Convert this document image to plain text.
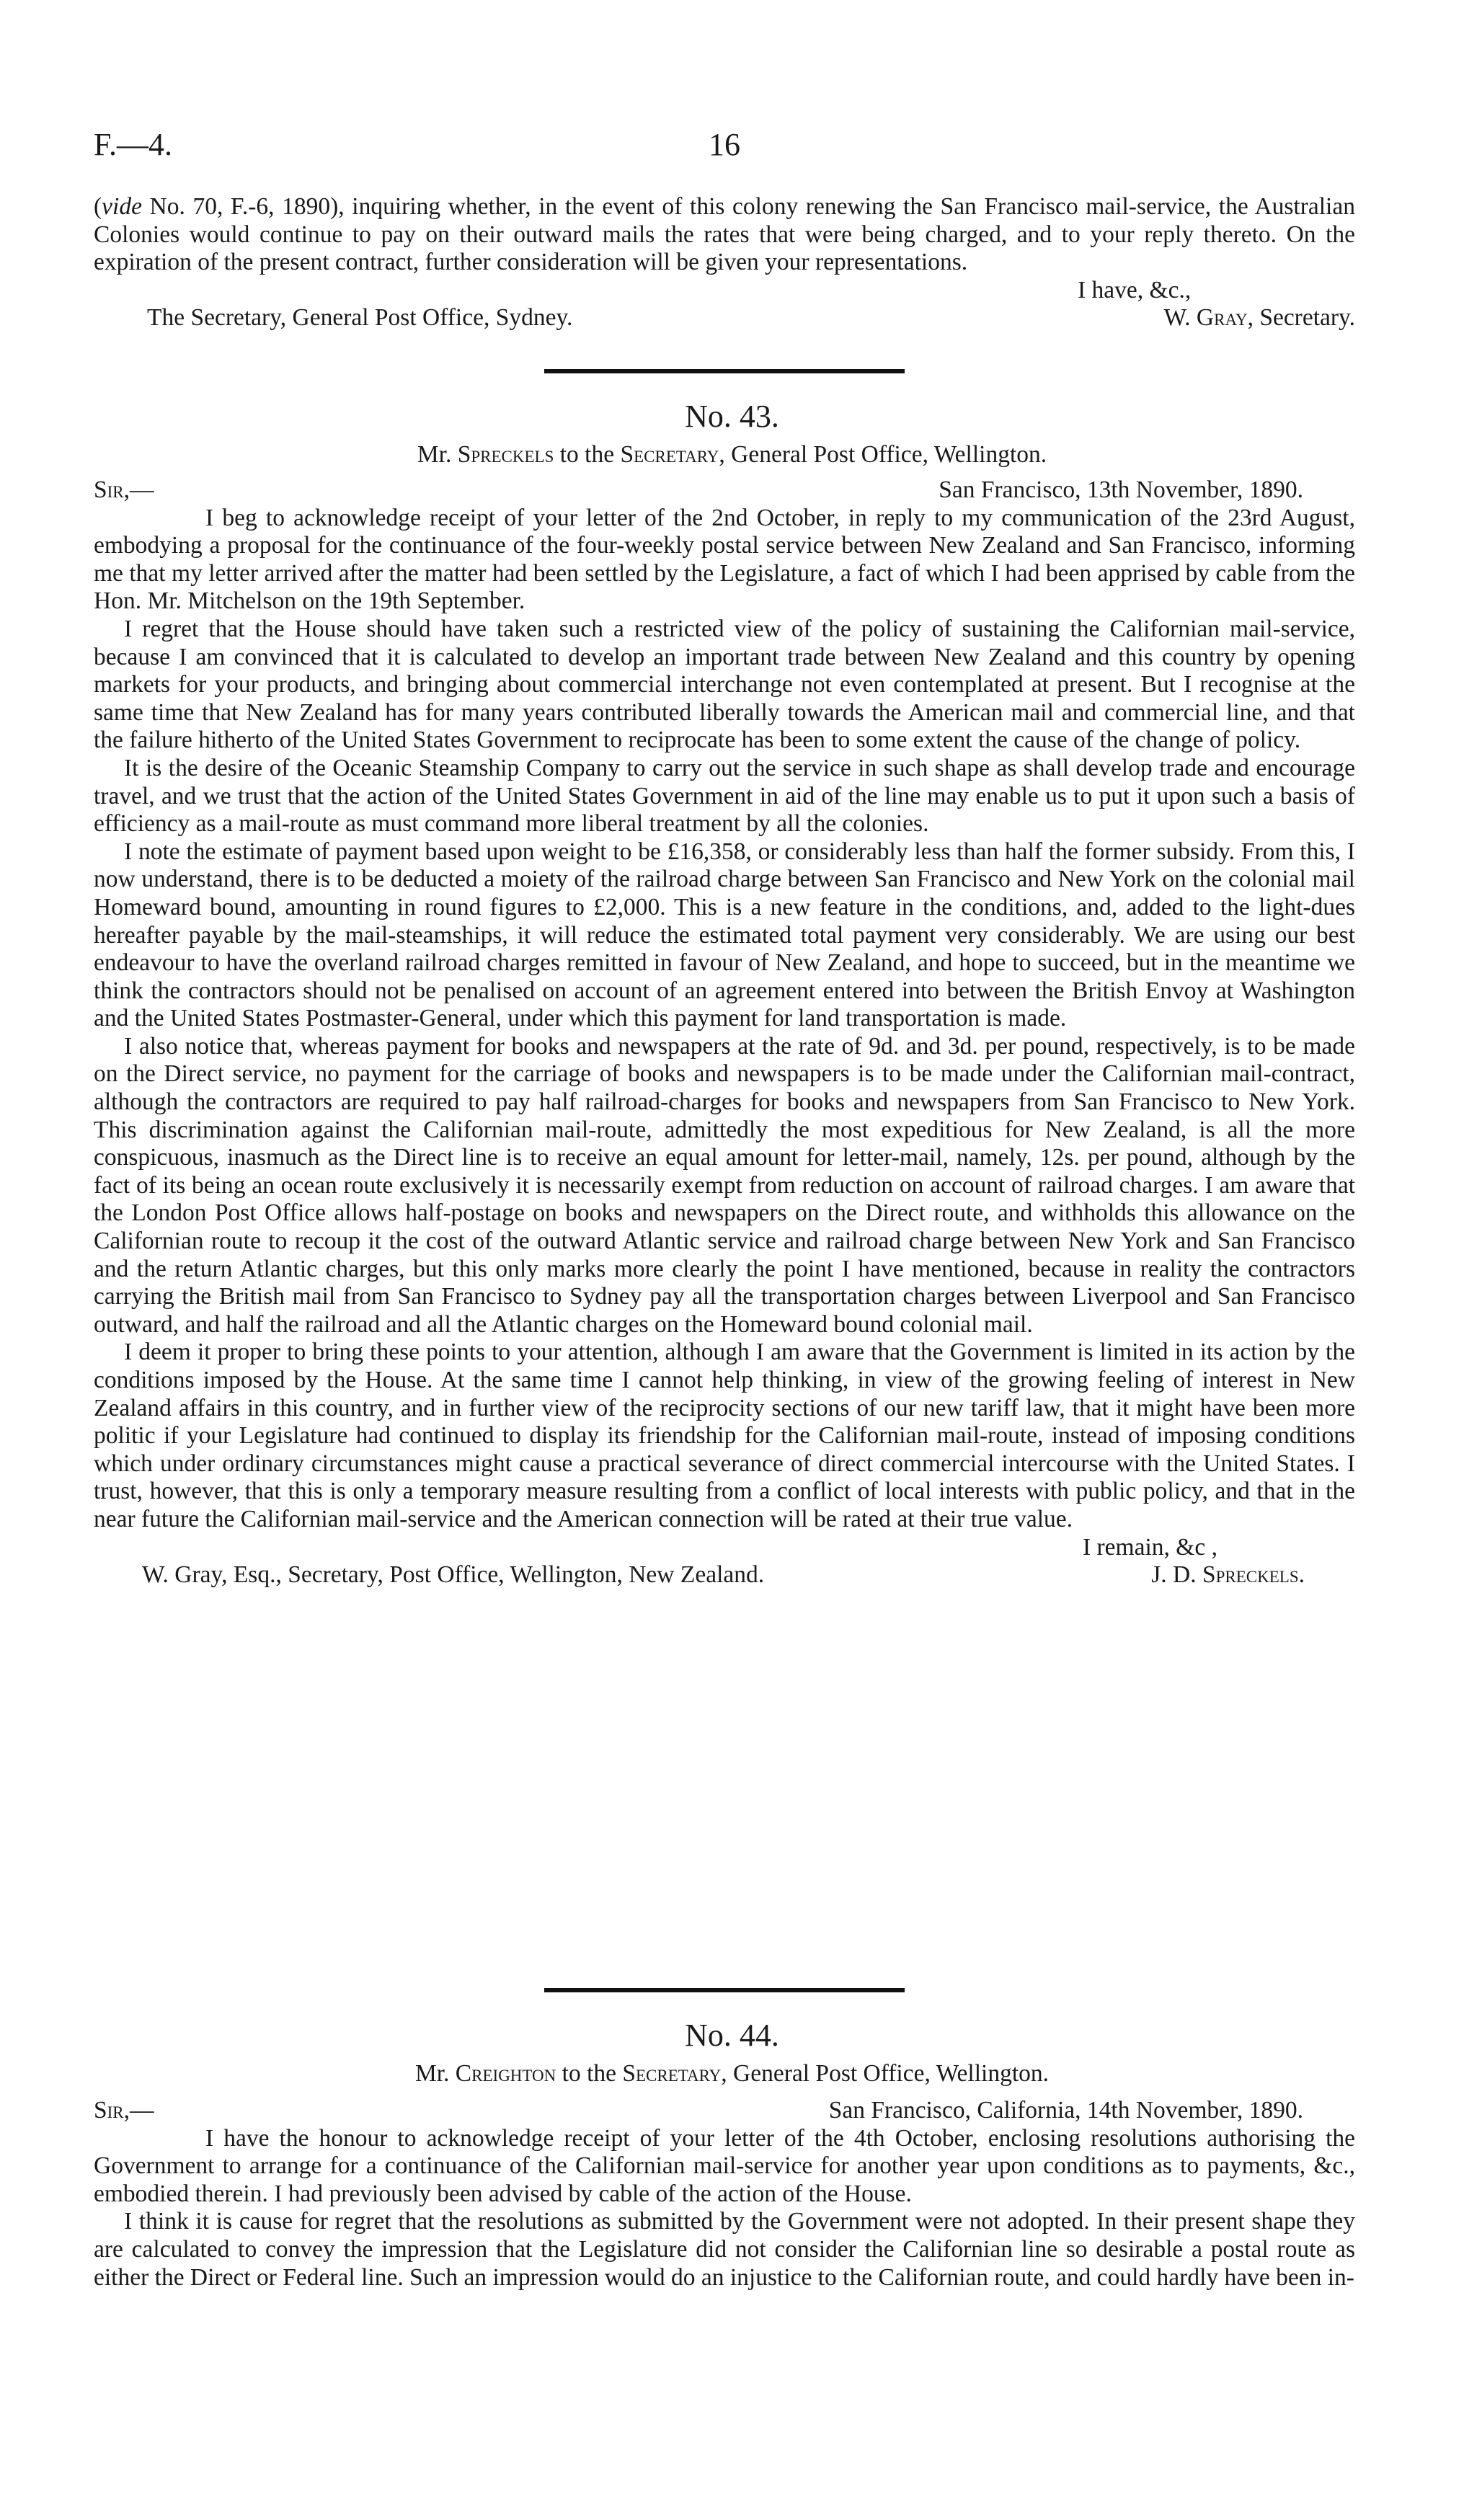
F.—4.	16

(vide No. 70, F.-6, 1890), inquiring whether, in the event of this colony renewing the San Francisco mail-service, the Australian Colonies would continue to pay on their outward mails the rates that were being charged, and to your reply thereto. On the expiration of the present contract, further consideration will be given your representations.

I have, &c.,
The Secretary, General Post Office, Sydney.	W. Gray, Secretary.
No. 43.
Mr. Spreckels to the Secretary, General Post Office, Wellington.
Sir,—	San Francisco, 13th November, 1890.

I beg to acknowledge receipt of your letter of the 2nd October, in reply to my communication of the 23rd August, embodying a proposal for the continuance of the four-weekly postal service between New Zealand and San Francisco, informing me that my letter arrived after the matter had been settled by the Legislature, a fact of which I had been apprised by cable from the Hon. Mr. Mitchelson on the 19th September.

I regret that the House should have taken such a restricted view of the policy of sustaining the Californian mail-service, because I am convinced that it is calculated to develop an important trade between New Zealand and this country by opening markets for your products, and bringing about commercial interchange not even contemplated at present. But I recognise at the same time that New Zealand has for many years contributed liberally towards the American mail and commercial line, and that the failure hitherto of the United States Government to reciprocate has been to some extent the cause of the change of policy.

It is the desire of the Oceanic Steamship Company to carry out the service in such shape as shall develop trade and encourage travel, and we trust that the action of the United States Government in aid of the line may enable us to put it upon such a basis of efficiency as a mail-route as must command more liberal treatment by all the colonies.

I note the estimate of payment based upon weight to be £16,358, or considerably less than half the former subsidy. From this, I now understand, there is to be deducted a moiety of the railroad charge between San Francisco and New York on the colonial mail Homeward bound, amounting in round figures to £2,000. This is a new feature in the conditions, and, added to the light-dues hereafter payable by the mail-steamships, it will reduce the estimated total payment very considerably. We are using our best endeavour to have the overland railroad charges remitted in favour of New Zealand, and hope to succeed, but in the meantime we think the contractors should not be penalised on account of an agreement entered into between the British Envoy at Washington and the United States Postmaster-General, under which this payment for land transportation is made.

I also notice that, whereas payment for books and newspapers at the rate of 9d. and 3d. per pound, respectively, is to be made on the Direct service, no payment for the carriage of books and newspapers is to be made under the Californian mail-contract, although the contractors are required to pay half railroad-charges for books and newspapers from San Francisco to New York. This discrimination against the Californian mail-route, admittedly the most expeditious for New Zealand, is all the more conspicuous, inasmuch as the Direct line is to receive an equal amount for letter-mail, namely, 12s. per pound, although by the fact of its being an ocean route exclusively it is necessarily exempt from reduction on account of railroad charges. I am aware that the London Post Office allows half-postage on books and newspapers on the Direct route, and withholds this allowance on the Californian route to recoup it the cost of the outward Atlantic service and railroad charge between New York and San Francisco and the return Atlantic charges, but this only marks more clearly the point I have mentioned, because in reality the contractors carrying the British mail from San Francisco to Sydney pay all the transportation charges between Liverpool and San Francisco outward, and half the railroad and all the Atlantic charges on the Homeward bound colonial mail.

I deem it proper to bring these points to your attention, although I am aware that the Government is limited in its action by the conditions imposed by the House. At the same time I cannot help thinking, in view of the growing feeling of interest in New Zealand affairs in this country, and in further view of the reciprocity sections of our new tariff law, that it might have been more politic if your Legislature had continued to display its friendship for the Californian mail-route, instead of imposing conditions which under ordinary circumstances might cause a practical severance of direct commercial intercourse with the United States. I trust, however, that this is only a temporary measure resulting from a conflict of local interests with public policy, and that in the near future the Californian mail-service and the American connection will be rated at their true value.

I remain, &c ,
W. Gray, Esq., Secretary, Post Office, Wellington, New Zealand.	J. D. Spreckels.
No. 44.
Mr. Creighton to the Secretary, General Post Office, Wellington.
Sir,—	San Francisco, California, 14th November, 1890.

I have the honour to acknowledge receipt of your letter of the 4th October, enclosing resolutions authorising the Government to arrange for a continuance of the Californian mail-service for another year upon conditions as to payments, &c., embodied therein. I had previously been advised by cable of the action of the House.

I think it is cause for regret that the resolutions as submitted by the Government were not adopted. In their present shape they are calculated to convey the impression that the Legislature did not consider the Californian line so desirable a postal route as either the Direct or Federal line. Such an impression would do an injustice to the Californian route, and could hardly have been in-
